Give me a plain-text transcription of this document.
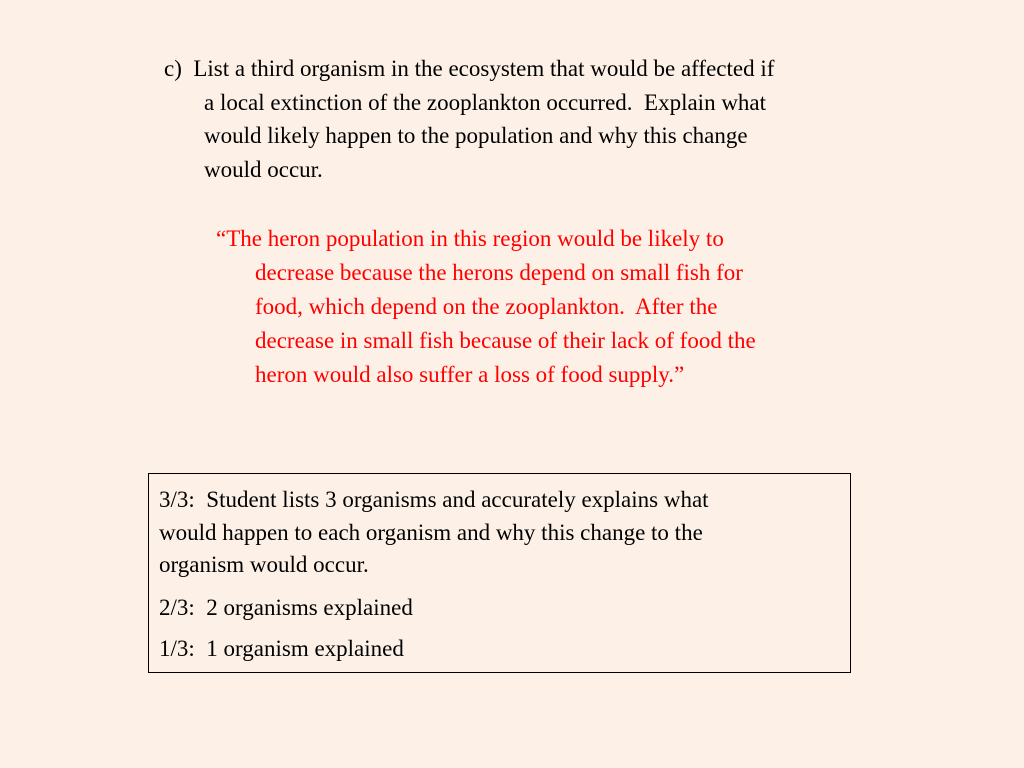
c)  List a third organism in the ecosystem that would be affected if
a local extinction of the zooplankton occurred.  Explain what
would likely happen to the population and why this change
would occur.
“The heron population in this region would be likely to
decrease because the herons depend on small fish for
food, which depend on the zooplankton.  After the
decrease in small fish because of their lack of food the
heron would also suffer a loss of food supply.”
3/3:  Student lists 3 organisms and accurately explains what
would happen to each organism and why this change to the
organism would occur.
2/3:  2 organisms explained
1/3:  1 organism explained
